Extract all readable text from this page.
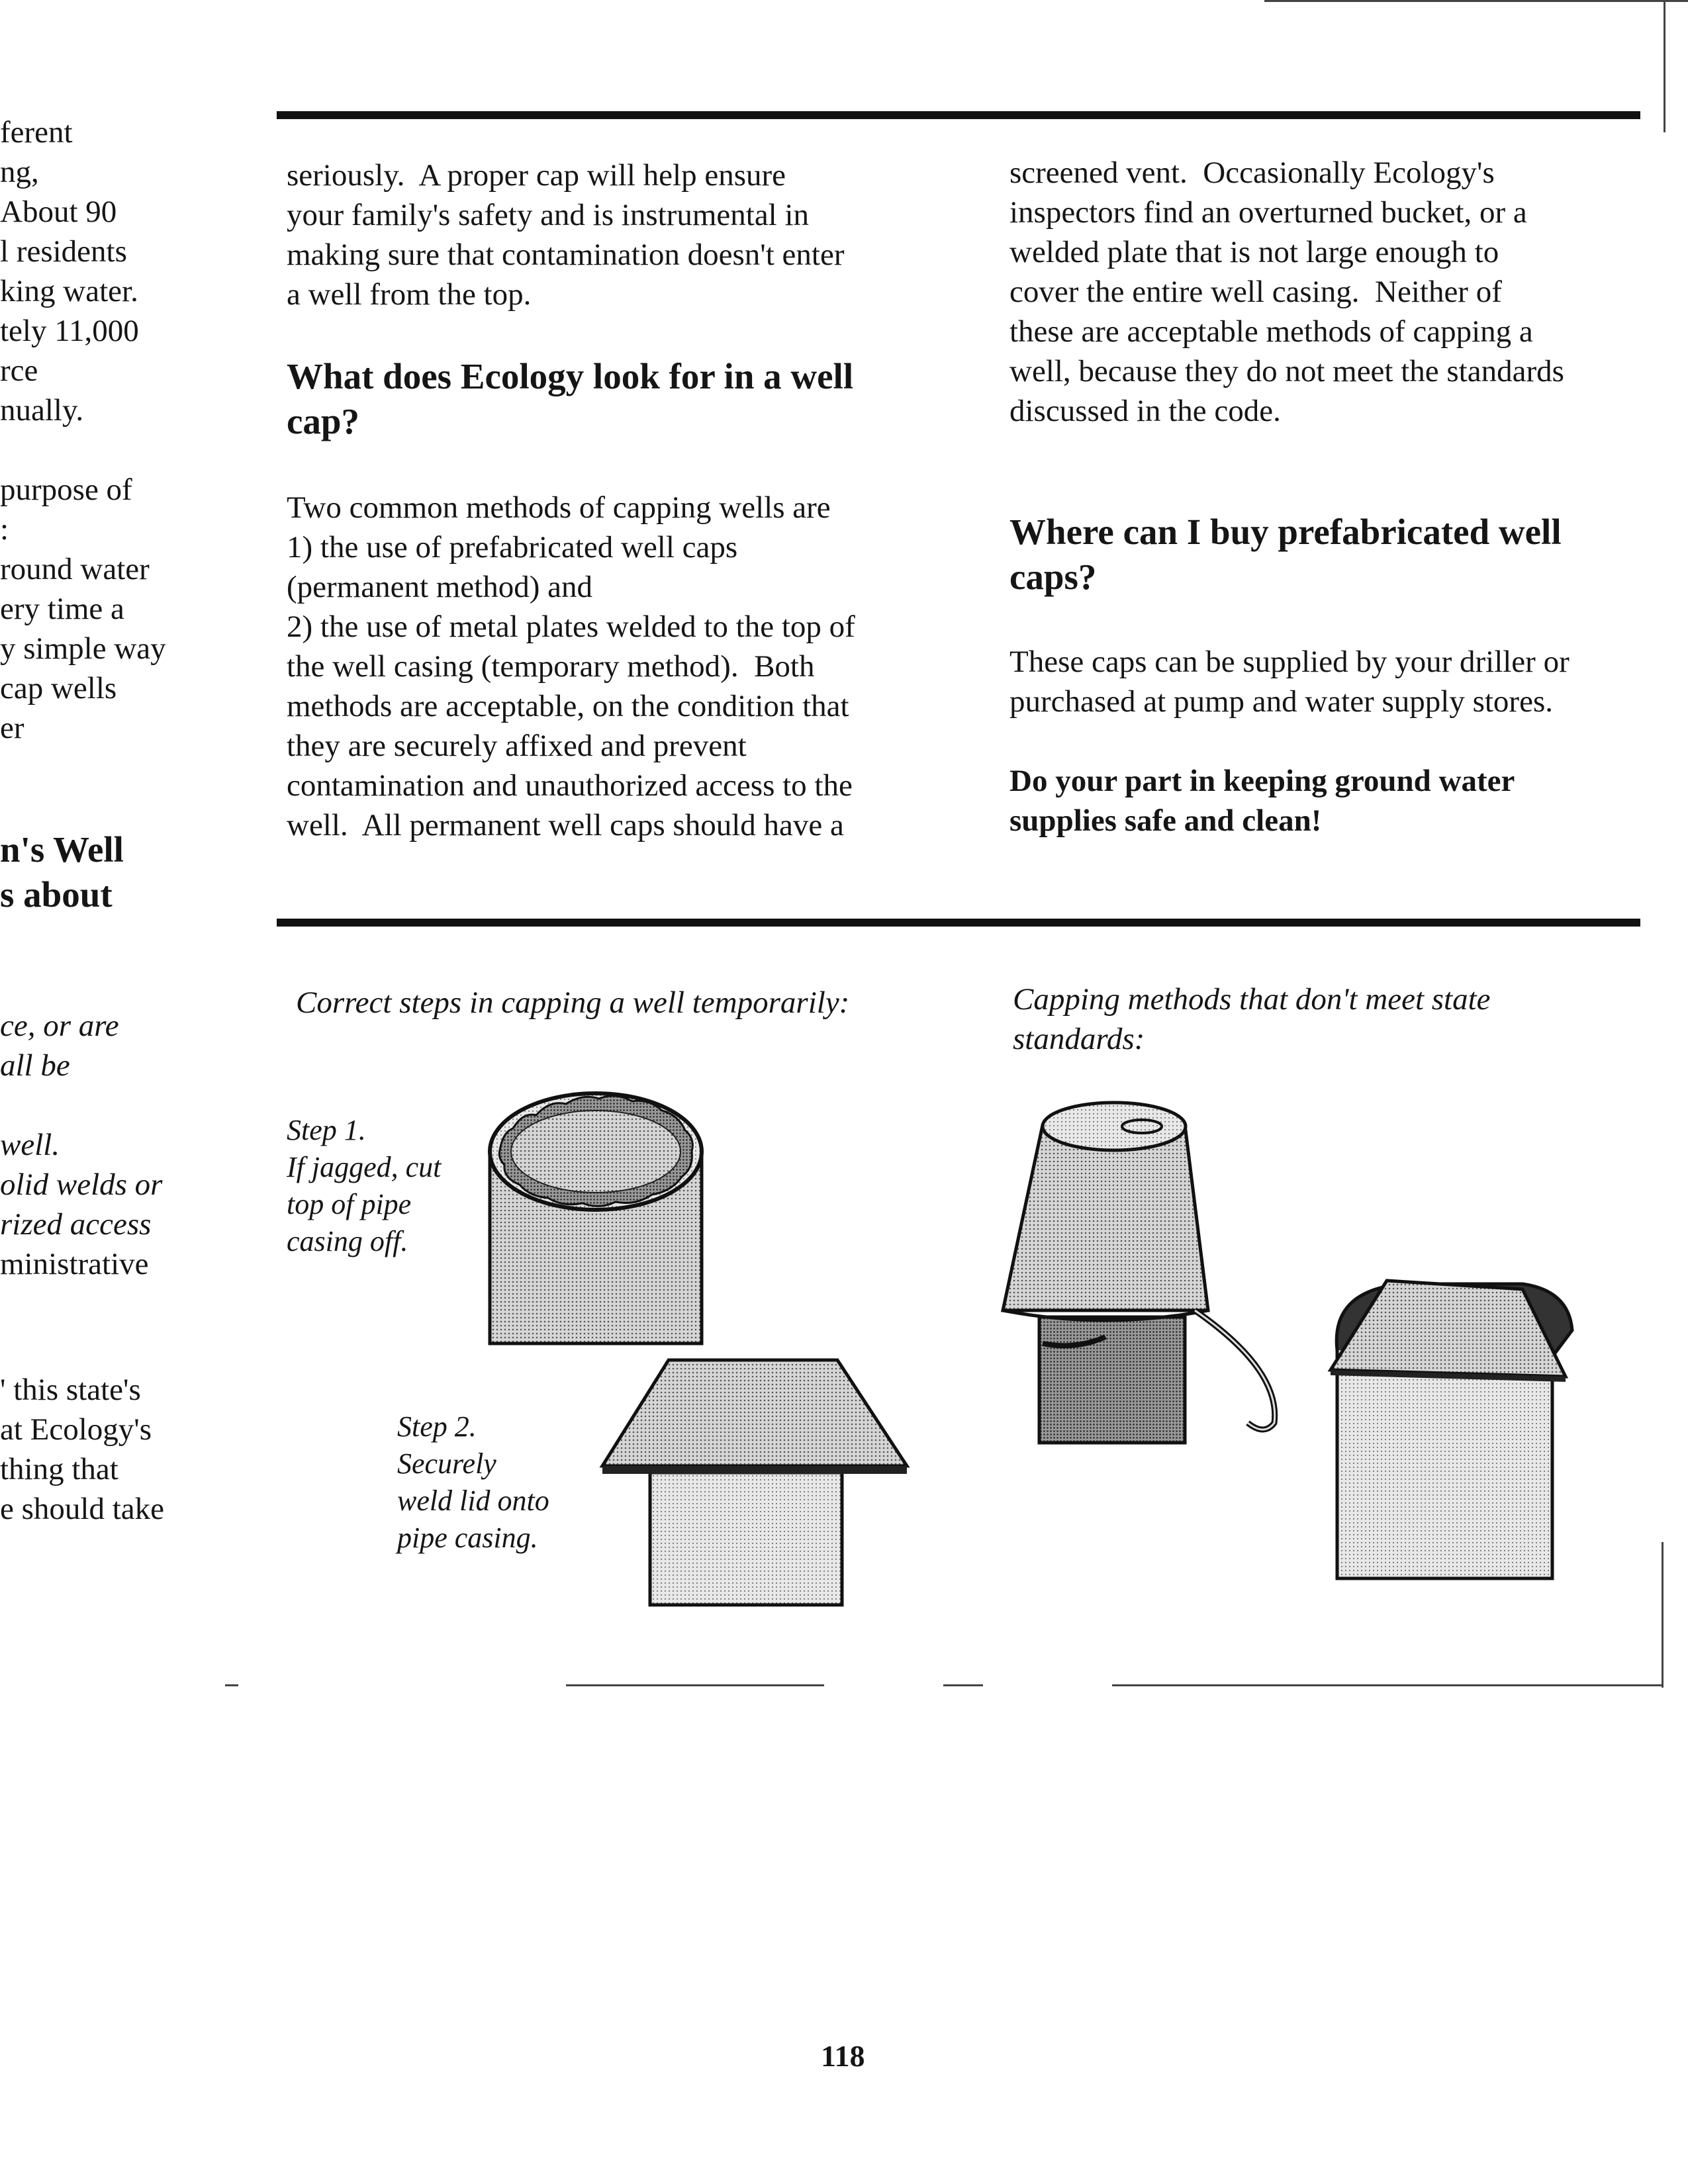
ferent

ng,

About 90

l residents

king water.

tely 11,000

rce

nually.

purpose of

:

round water

ery time a

y simple way

cap wells

er

n's Well

s about

ce, or are

all be

well.

olid welds or

rized access

ministrative

' this state's

at Ecology's

thing that

e should take

seriously.  A proper cap will help ensure

your family's safety and is instrumental in

making sure that contamination doesn't enter

a well from the top.

What does Ecology look for in a well

cap?

Two common methods of capping wells are

1) the use of prefabricated well caps

(permanent method) and

2) the use of metal plates welded to the top of

the well casing (temporary method).  Both

methods are acceptable, on the condition that

they are securely affixed and prevent

contamination and unauthorized access to the

well.  All permanent well caps should have a

screened vent.  Occasionally Ecology's

inspectors find an overturned bucket, or a

welded plate that is not large enough to

cover the entire well casing.  Neither of

these are acceptable methods of capping a

well, because they do not meet the standards

discussed in the code.

Where can I buy prefabricated well

caps?

These caps can be supplied by your driller or

purchased at pump and water supply stores.

Do your part in keeping ground water

supplies safe and clean!

Correct steps in capping a well temporarily:	Capping methods that don't meet state

standards:

Step 1.

If jagged, cut

top of pipe

casing off.

Step 2.

Securely

weld lid onto

pipe casing.

118
